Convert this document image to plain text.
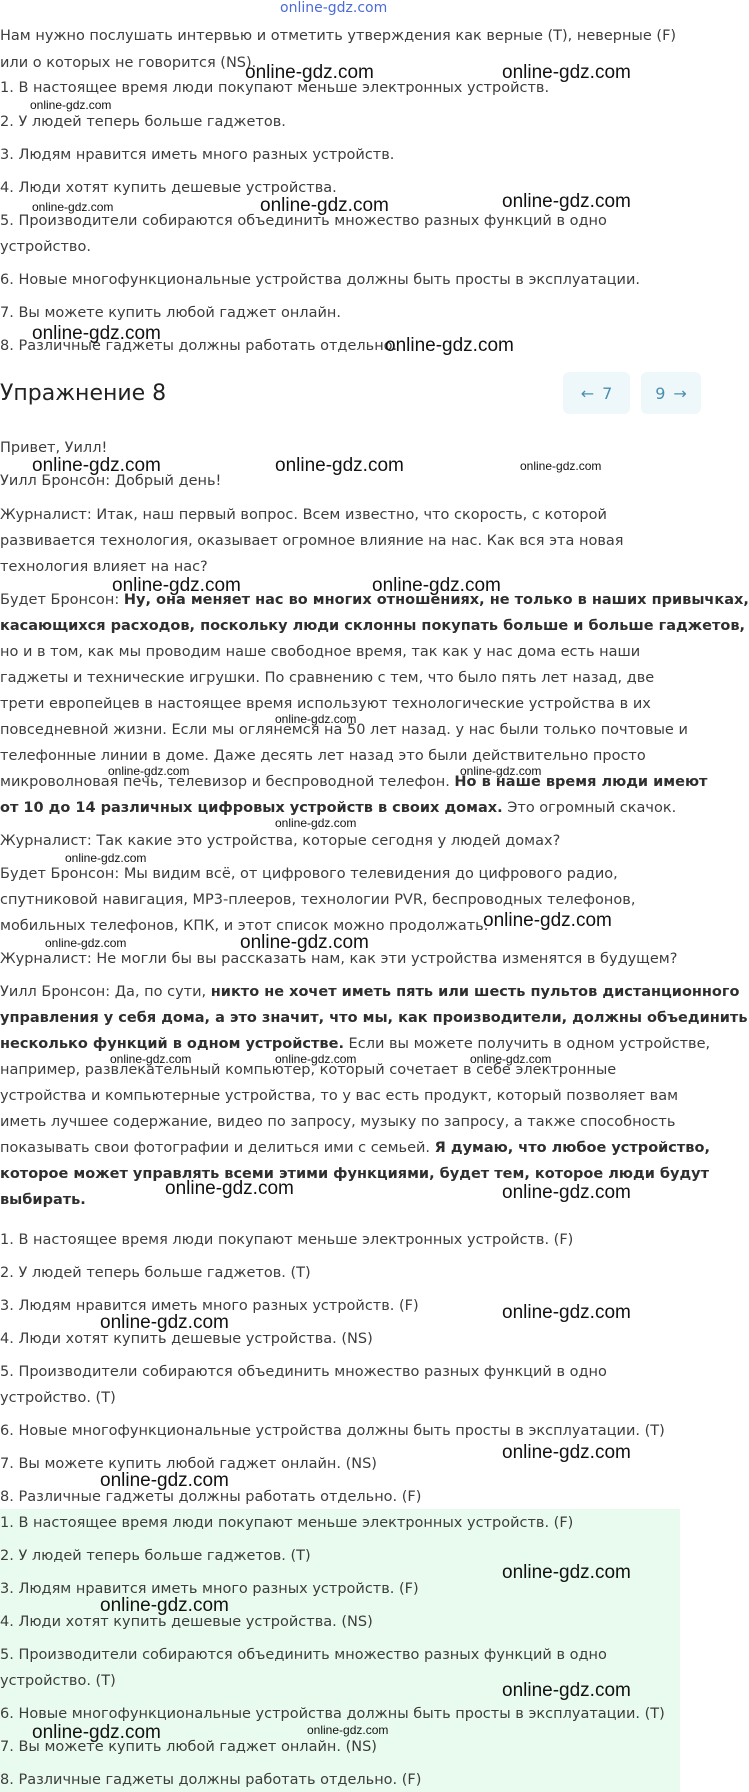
online-gdz.com

Нам нужно послушать интервью и отметить утверждения как верные (T), неверные (F)

или о которых не говорится (NS).

1. В настоящее время люди покупают меньше электронных устройств.

2. У людей теперь больше гаджетов.

3. Людям нравится иметь много разных устройств.

4. Люди хотят купить дешевые устройства.

5. Производители собираются объединить множество разных функций в одно

устройство.

6. Новые многофункциональные устройства должны быть просты в эксплуатации.

7. Вы можете купить любой гаджет онлайн.

8. Различные гаджеты должны работать отдельно.

Упражнение 8	← 7	9 →

Привет, Уилл!

Уилл Бронсон: Добрый день!

Журналист: Итак, наш первый вопрос. Всем известно, что скорость, с которой

развивается технология, оказывает огромное влияние на нас. Как вся эта новая

технология влияет на нас?

Будет Бронсон: Ну, она меняет нас во многих отношениях, не только в наших привычках,

касающихся расходов, поскольку люди склонны покупать больше и больше гаджетов,

но и в том, как мы проводим наше свободное время, так как у нас дома есть наши

гаджеты и технические игрушки. По сравнению с тем, что было пять лет назад, две

трети европейцев в настоящее время используют технологические устройства в их

повседневной жизни. Если мы оглянемся на 50 лет назад. у нас были только почтовые и

телефонные линии в доме. Даже десять лет назад это были действительно просто

микроволновая печь, телевизор и беспроводной телефон. Но в наше время люди имеют

от 10 до 14 различных цифровых устройств в своих домах. Это огромный скачок.

Журналист: Так какие это устройства, которые сегодня у людей домах?

Будет Бронсон: Мы видим всё, от цифрового телевидения до цифрового радио,

спутниковой навигация, MP3-плееров, технологии PVR, беспроводных телефонов,

мобильных телефонов, КПК, и этот список можно продолжать.

Журналист: Не могли бы вы рассказать нам, как эти устройства изменятся в будущем?

Уилл Бронсон: Да, по сути, никто не хочет иметь пять или шесть пультов дистанционного

управления у себя дома, а это значит, что мы, как производители, должны объединить

несколько функций в одном устройстве. Если вы можете получить в одном устройстве,

например, развлекательный компьютер, который сочетает в себе электронные

устройства и компьютерные устройства, то у вас есть продукт, который позволяет вам

иметь лучшее содержание, видео по запросу, музыку по запросу, а также способность

показывать свои фотографии и делиться ими с семьей. Я думаю, что любое устройство,

которое может управлять всеми этими функциями, будет тем, которое люди будут

выбирать.

1. В настоящее время люди покупают меньше электронных устройств. (F)

2. У людей теперь больше гаджетов. (T)

3. Людям нравится иметь много разных устройств. (F)

4. Люди хотят купить дешевые устройства. (NS)

5. Производители собираются объединить множество разных функций в одно

устройство. (T)

6. Новые многофункциональные устройства должны быть просты в эксплуатации. (T)

7. Вы можете купить любой гаджет онлайн. (NS)

8. Различные гаджеты должны работать отдельно. (F)

1. В настоящее время люди покупают меньше электронных устройств. (F)

2. У людей теперь больше гаджетов. (T)

3. Людям нравится иметь много разных устройств. (F)

4. Люди хотят купить дешевые устройства. (NS)

5. Производители собираются объединить множество разных функций в одно

устройство. (T)

6. Новые многофункциональные устройства должны быть просты в эксплуатации. (T)

7. Вы можете купить любой гаджет онлайн. (NS)

8. Различные гаджеты должны работать отдельно. (F)

online-gdz.com	online-gdz.com
online-gdz.com
online-gdz.com	online-gdz.com	online-gdz.com
online-gdz.com
online-gdz.com
online-gdz.com	online-gdz.com	online-gdz.com
online-gdz.com	online-gdz.com
online-gdz.com
online-gdz.com	online-gdz.com
online-gdz.com
online-gdz.com
online-gdz.com
online-gdz.com	online-gdz.com
online-gdz.com	online-gdz.com	online-gdz.com
online-gdz.com	online-gdz.com
online-gdz.com
online-gdz.com
online-gdz.com
online-gdz.com
online-gdz.com
online-gdz.com
online-gdz.com
online-gdz.com	online-gdz.com
